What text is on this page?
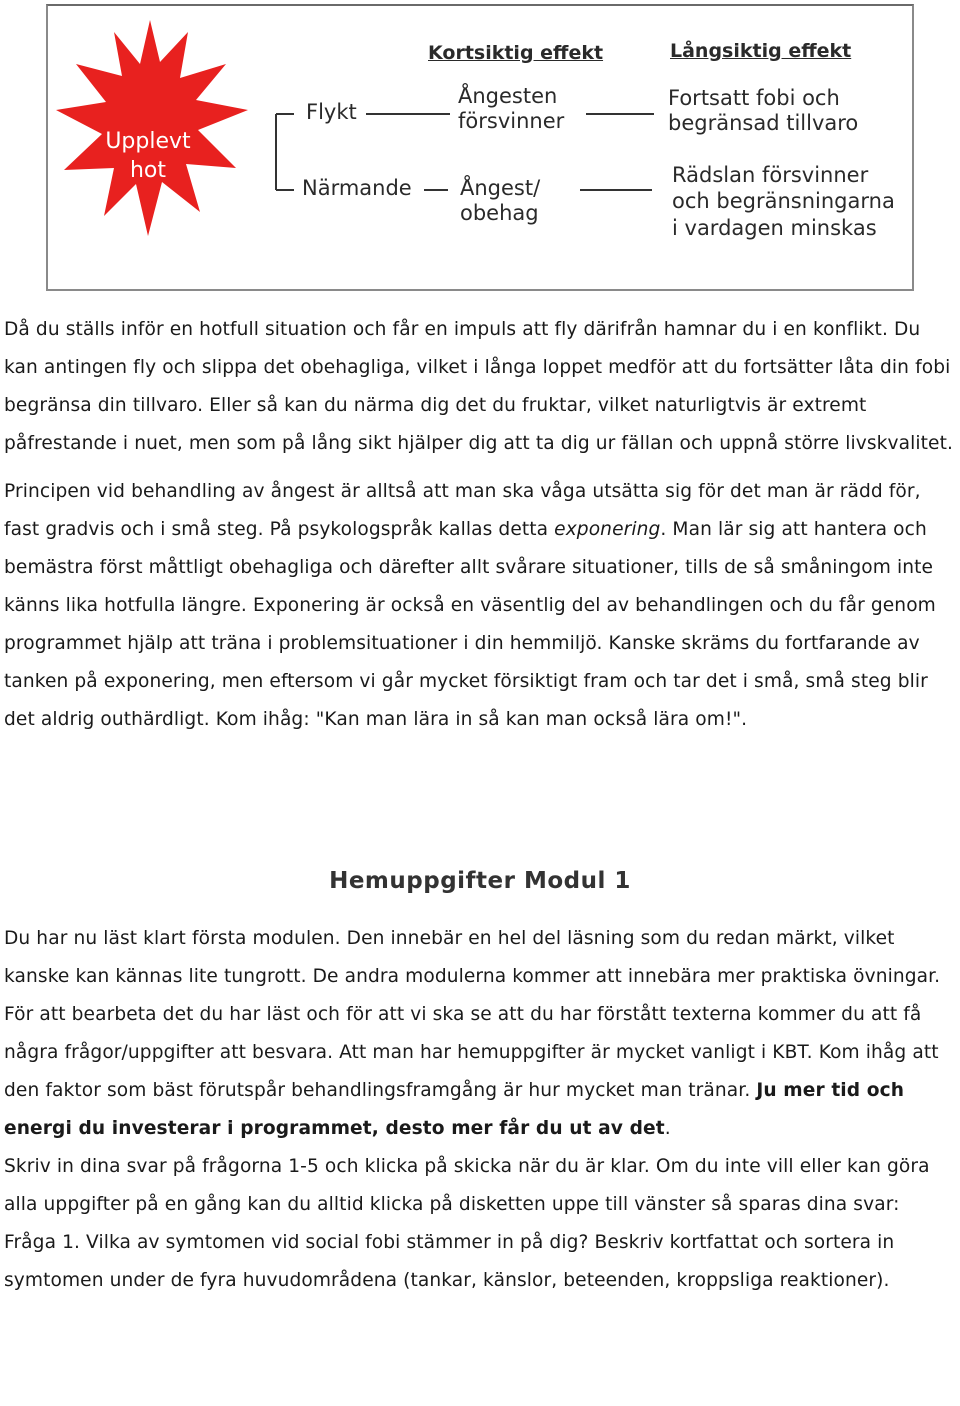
Upplevt
hot
Kortsiktig effekt	Långsiktig effekt
Flykt
Närmande
Ångesten
försvinner
Ångest/
obehag
Fortsatt fobi och
begränsad tillvaro
Rädslan försvinner
och begränsningarna
i vardagen minskas

Då du ställs inför en hotfull situation och får en impuls att fly därifrån hamnar du i en konflikt. Du kan antingen fly och slippa det obehagliga, vilket i långa loppet medför att du fortsätter låta din fobi begränsa din tillvaro. Eller så kan du närma dig det du fruktar, vilket naturligtvis är extremt påfrestande i nuet, men som på lång sikt hjälper dig att ta dig ur fällan och uppnå större livskvalitet.

Principen vid behandling av ångest är alltså att man ska våga utsätta sig för det man är rädd för, fast gradvis och i små steg. På psykologspråk kallas detta exponering. Man lär sig att hantera och bemästra först måttligt obehagliga och därefter allt svårare situationer, tills de så småningom inte känns lika hotfulla längre. Exponering är också en väsentlig del av behandlingen och du får genom programmet hjälp att träna i problemsituationer i din hemmiljö. Kanske skräms du fortfarande av tanken på exponering, men eftersom vi går mycket försiktigt fram och tar det i små, små steg blir det aldrig outhärdligt. Kom ihåg: "Kan man lära in så kan man också lära om!".

Hemuppgifter Modul 1

Du har nu läst klart första modulen. Den innebär en hel del läsning som du redan märkt, vilket kanske kan kännas lite tungrott. De andra modulerna kommer att innebära mer praktiska övningar. För att bearbeta det du har läst och för att vi ska se att du har förstått texterna kommer du att få några frågor/uppgifter att besvara. Att man har hemuppgifter är mycket vanligt i KBT. Kom ihåg att den faktor som bäst förutspår behandlingsframgång är hur mycket man tränar. Ju mer tid och energi du investerar i programmet, desto mer får du ut av det.

Skriv in dina svar på frågorna 1-5 och klicka på skicka när du är klar. Om du inte vill eller kan göra alla uppgifter på en gång kan du alltid klicka på disketten uppe till vänster så sparas dina svar:

Fråga 1. Vilka av symtomen vid social fobi stämmer in på dig? Beskriv kortfattat och sortera in symtomen under de fyra huvudområdena (tankar, känslor, beteenden, kroppsliga reaktioner).
